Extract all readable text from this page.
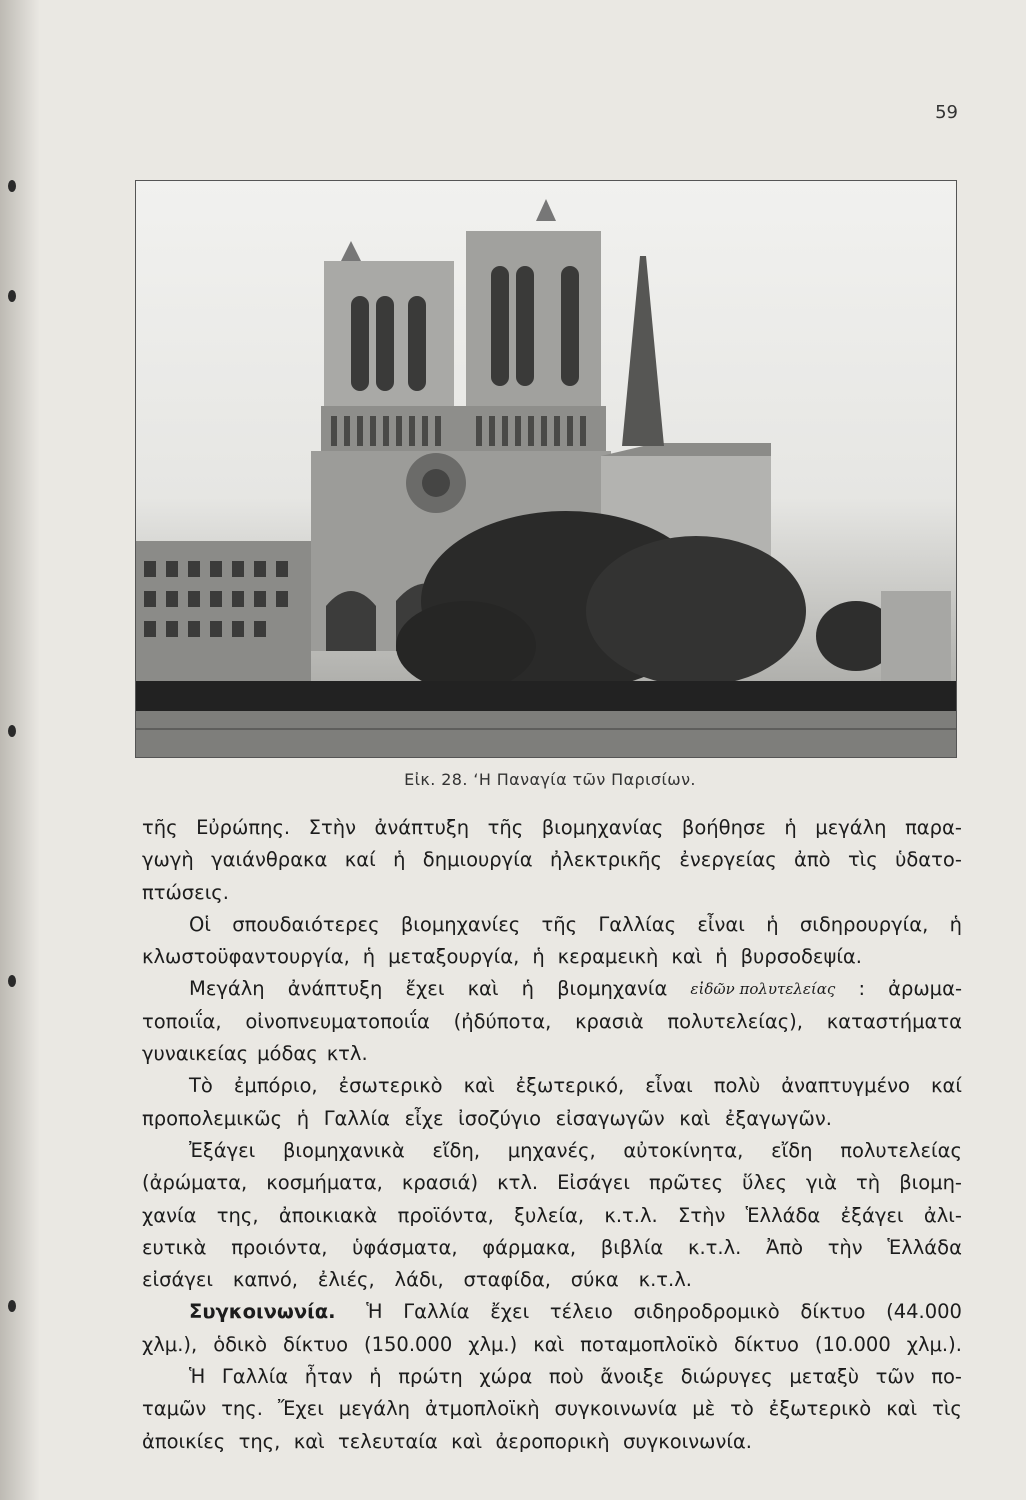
59
Εἰκ. 28. ‘Η Παναγία τῶν Παρισίων.
τῆς Εὐρώπης. Στὴν ἀνάπτυξη τῆς βιομηχανίας βοήθησε ἡ μεγάλη παρα-
γωγὴ γαιάνθρακα καί ἡ δημιουργία ἠλεκτρικῆς ἐνεργείας ἀπὸ τὶς ὑδατο-
πτώσεις.
Οἱ σπουδαιότερες βιομηχανίες τῆς Γαλλίας εἶναι ἡ σιδηρουργία, ἡ
κλωστοϋφαντουργία, ἡ μεταξουργία, ἡ κεραμεικὴ καὶ ἡ βυρσοδεψία.
Μεγάλη ἀνάπτυξη ἔχει καὶ ἡ βιομηχανία εἰδῶν πολυτελείας : ἀρωμα-
τοποιΐα, οἰνοπνευματοποιΐα (ἠδύποτα, κρασιὰ πολυτελείας), καταστήματα
γυναικείας μόδας κτλ.
Τὸ ἐμπόριο, ἐσωτερικὸ καὶ ἐξωτερικό, εἶναι πολὺ ἀναπτυγμένο καί
προπολεμικῶς ἡ Γαλλία εἶχε ἰσοζύγιο εἰσαγωγῶν καὶ ἐξαγωγῶν.
Ἐξάγει βιομηχανικὰ εἴδη, μηχανές, αὐτοκίνητα, εἴδη πολυτελείας
(ἀρώματα, κοσμήματα, κρασιά) κτλ. Εἰσάγει πρῶτες ὕλες γιὰ τὴ βιομη-
χανία της, ἀποικιακὰ προϊόντα, ξυλεία, κ.τ.λ. Στὴν Ἑλλάδα ἐξάγει ἀλι-
ευτικὰ προιόντα, ὑφάσματα, φάρμακα, βιβλία κ.τ.λ. Ἀπὸ τὴν Ἑλλάδα
εἰσάγει καπνό, ἐλιές, λάδι, σταφίδα, σύκα κ.τ.λ.
Συγκοινωνία.	Ἡ Γαλλία ἔχει τέλειο σιδηροδρομικὸ δίκτυο (44.000
χλμ.), ὁδικὸ δίκτυο (150.000 χλμ.) καὶ ποταμοπλοϊκὸ δίκτυο (10.000 χλμ.).
Ἡ Γαλλία ἦταν ἡ πρώτη χώρα ποὺ ἄνοιξε διώρυγες μεταξὺ τῶν πο-
ταμῶν της. Ἔχει μεγάλη ἀτμοπλοϊκὴ συγκοινωνία μὲ τὸ ἐξωτερικὸ καὶ τὶς
ἀποικίες της, καὶ τελευταία καὶ ἀεροπορικὴ συγκοινωνία.
